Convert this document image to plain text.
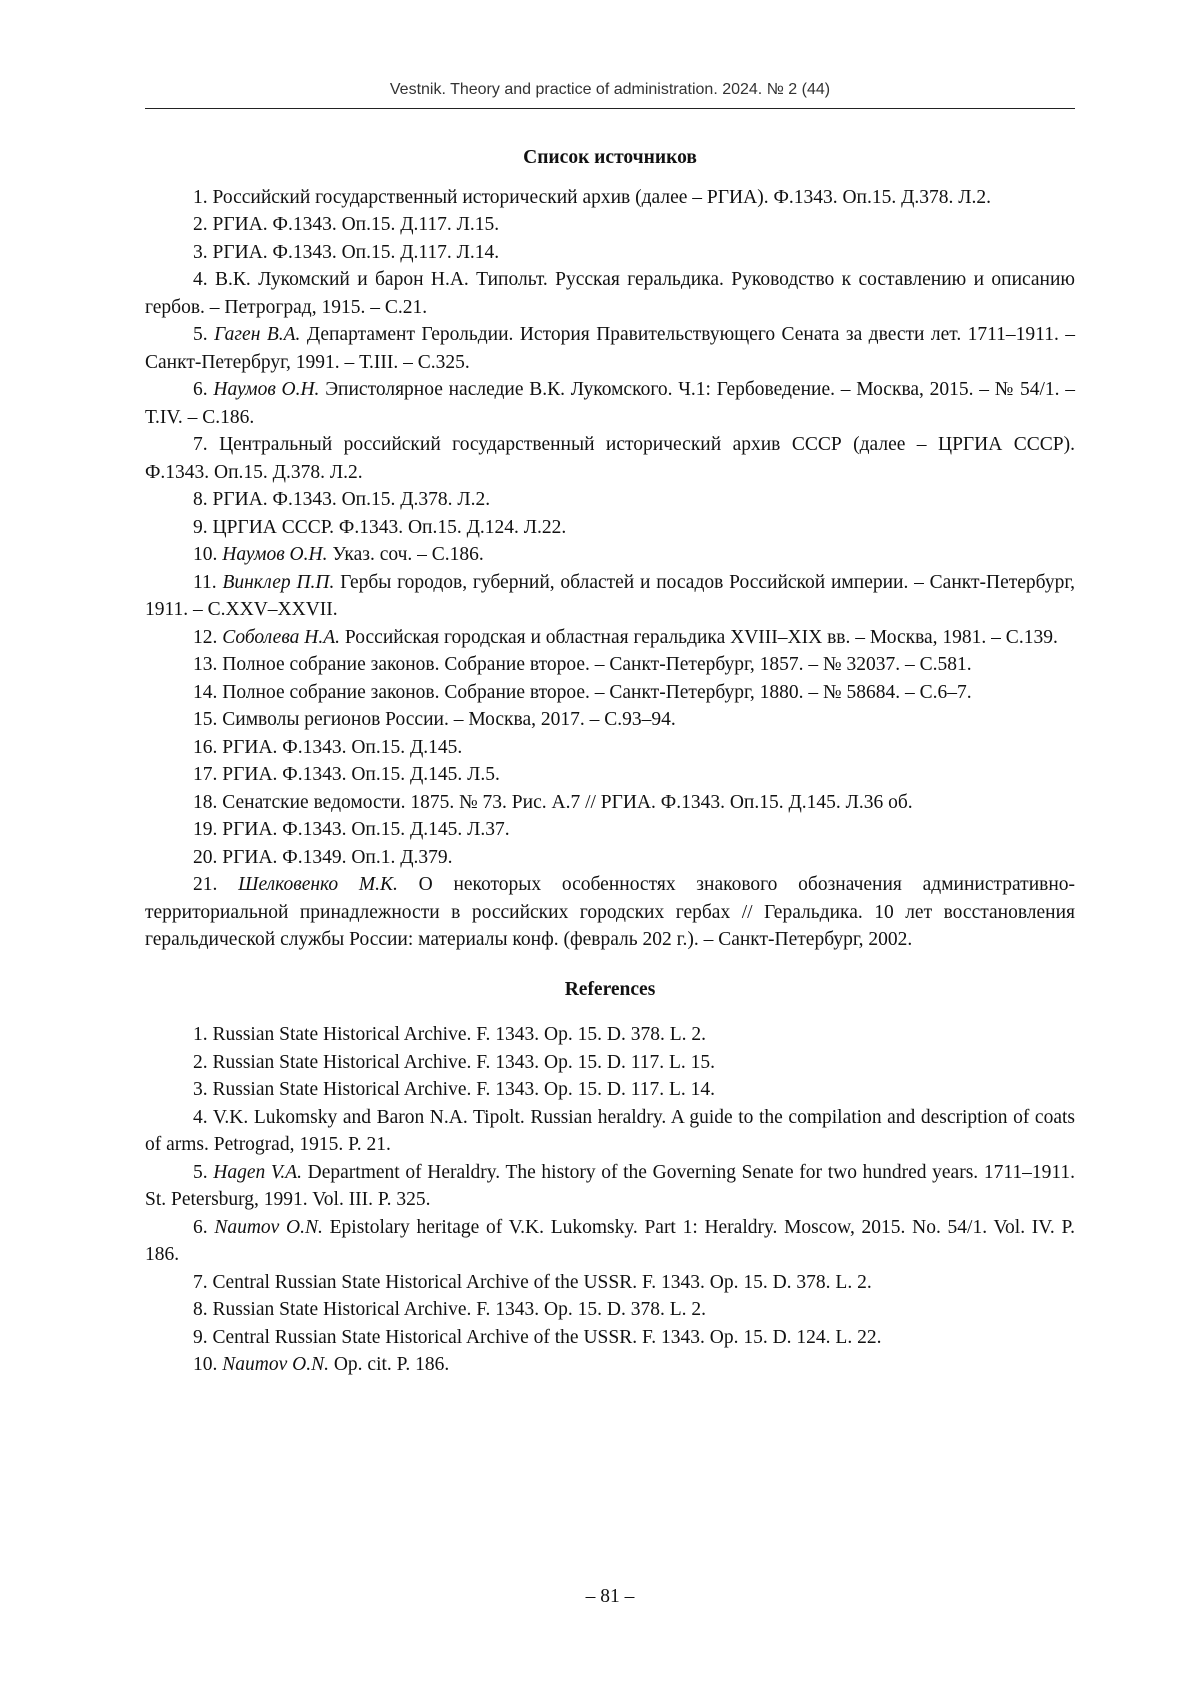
Vestnik. Theory and practice of administration. 2024. № 2 (44)
Список источников
1. Российский государственный исторический архив (далее – РГИА). Ф.1343. Оп.15. Д.378. Л.2.
2. РГИА. Ф.1343. Оп.15. Д.117. Л.15.
3. РГИА. Ф.1343. Оп.15. Д.117. Л.14.
4. В.К. Лукомский и барон Н.А. Типольт. Русская геральдика. Руководство к составлению и описанию гербов. – Петроград, 1915. – С.21.
5. Гаген В.А. Департамент Герольдии. История Правительствующего Сената за двести лет. 1711–1911. – Санкт-Петербруг, 1991. – Т.III. – С.325.
6. Наумов О.Н. Эпистолярное наследие В.К. Лукомского. Ч.1: Гербоведение. – Москва, 2015. – № 54/1. – Т.IV. – С.186.
7. Центральный российский государственный исторический архив СССР (далее – ЦРГИА СССР). Ф.1343. Оп.15. Д.378. Л.2.
8. РГИА. Ф.1343. Оп.15. Д.378. Л.2.
9. ЦРГИА СССР. Ф.1343. Оп.15. Д.124. Л.22.
10. Наумов О.Н. Указ. соч. – С.186.
11. Винклер П.П. Гербы городов, губерний, областей и посадов Российской империи. – Санкт-Петербург, 1911. – С.XXV–XXVII.
12. Соболева Н.А. Российская городская и областная геральдика XVIII–XIX вв. – Москва, 1981. – С.139.
13. Полное собрание законов. Собрание второе. – Санкт-Петербург, 1857. – № 32037. – С.581.
14. Полное собрание законов. Собрание второе. – Санкт-Петербург, 1880. – № 58684. – С.6–7.
15. Символы регионов России. – Москва, 2017. – С.93–94.
16. РГИА. Ф.1343. Оп.15. Д.145.
17. РГИА. Ф.1343. Оп.15. Д.145. Л.5.
18. Сенатские ведомости. 1875. № 73. Рис. А.7 // РГИА. Ф.1343. Оп.15. Д.145. Л.36 об.
19. РГИА. Ф.1343. Оп.15. Д.145. Л.37.
20. РГИА. Ф.1349. Оп.1. Д.379.
21. Шелковенко М.К. О некоторых особенностях знакового обозначения административно-территориальной принадлежности в российских городских гербах // Геральдика. 10 лет восстановления геральдической службы России: материалы конф. (февраль 202 г.). – Санкт-Петербург, 2002.
References
1. Russian State Historical Archive. F. 1343. Op. 15. D. 378. L. 2.
2. Russian State Historical Archive. F. 1343. Op. 15. D. 117. L. 15.
3. Russian State Historical Archive. F. 1343. Op. 15. D. 117. L. 14.
4. V.K. Lukomsky and Baron N.A. Tipolt. Russian heraldry. A guide to the compilation and description of coats of arms. Petrograd, 1915. P. 21.
5. Hagen V.A. Department of Heraldry. The history of the Governing Senate for two hundred years. 1711–1911. St. Petersburg, 1991. Vol. III. P. 325.
6. Naumov O.N. Epistolary heritage of V.K. Lukomsky. Part 1: Heraldry. Moscow, 2015. No. 54/1. Vol. IV. P. 186.
7. Central Russian State Historical Archive of the USSR. F. 1343. Op. 15. D. 378. L. 2.
8. Russian State Historical Archive. F. 1343. Op. 15. D. 378. L. 2.
9. Central Russian State Historical Archive of the USSR. F. 1343. Op. 15. D. 124. L. 22.
10. Naumov O.N. Op. cit. P. 186.
– 81 –
